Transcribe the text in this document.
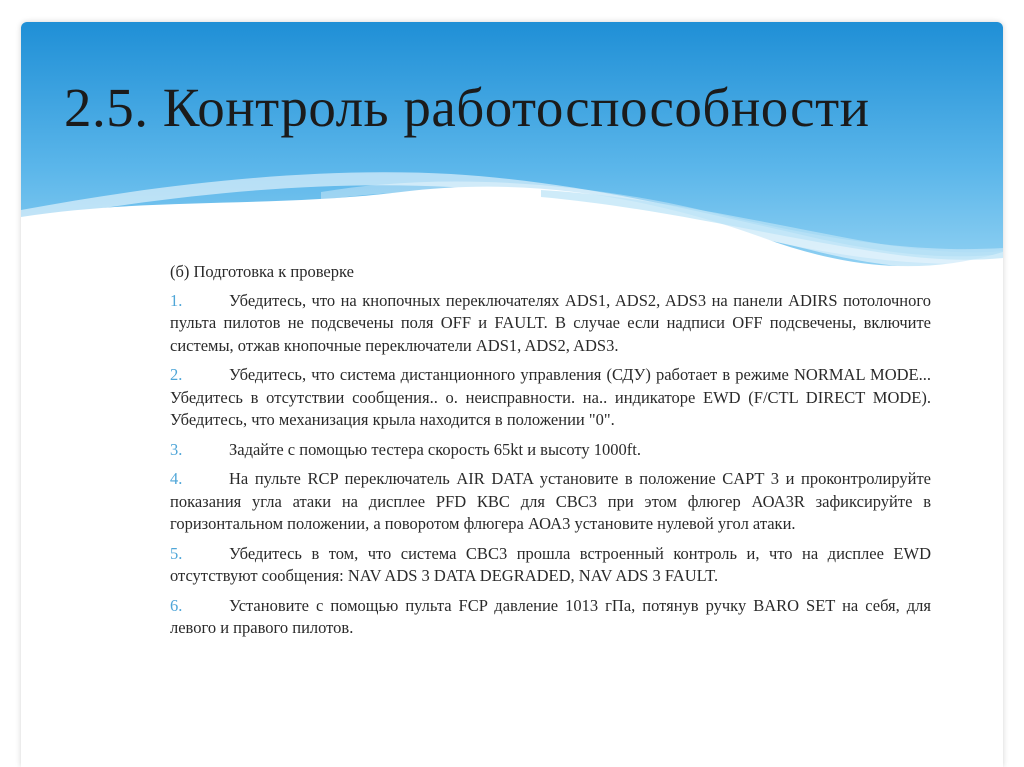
2.5. Контроль работоспособности

(б) Подготовка к проверке

1.	Убедитесь, что на кнопочных переключателях ADS1, ADS2, ADS3 на панели ADIRS потолочного пульта пилотов не подсвечены поля OFF и FAULT. В случае если надписи OFF подсвечены, включите системы, отжав кнопочные переключатели ADS1, ADS2, ADS3.

2.	Убедитесь, что система дистанционного управления (СДУ) работает в режиме NORMAL MODE... Убедитесь в отсутствии сообщения.. о. неисправности. на.. индикаторе EWD (F/CTL DIRECT MODE). Убедитесь, что механизация крыла находится в положении "0".

3.	Задайте с помощью тестера скорость 65kt и высоту 1000ft.

4.	На пульте RCP переключатель AIR DATA установите в положение CAPT 3 и проконтролируйте показания угла атаки на дисплее PFD КВС для СВС3 при этом флюгер АОА3R зафиксируйте в горизонтальном положении, а поворотом флюгера АОА3 установите нулевой угол атаки.

5.	Убедитесь в том, что система СВС3 прошла встроенный контроль и, что на дисплее EWD отсутствуют сообщения: NAV ADS 3 DATA DEGRADED, NAV ADS 3 FAULT.

6.	Установите с помощью пульта FCP давление 1013 гПа, потянув ручку BARO SET на себя, для левого и правого пилотов.
